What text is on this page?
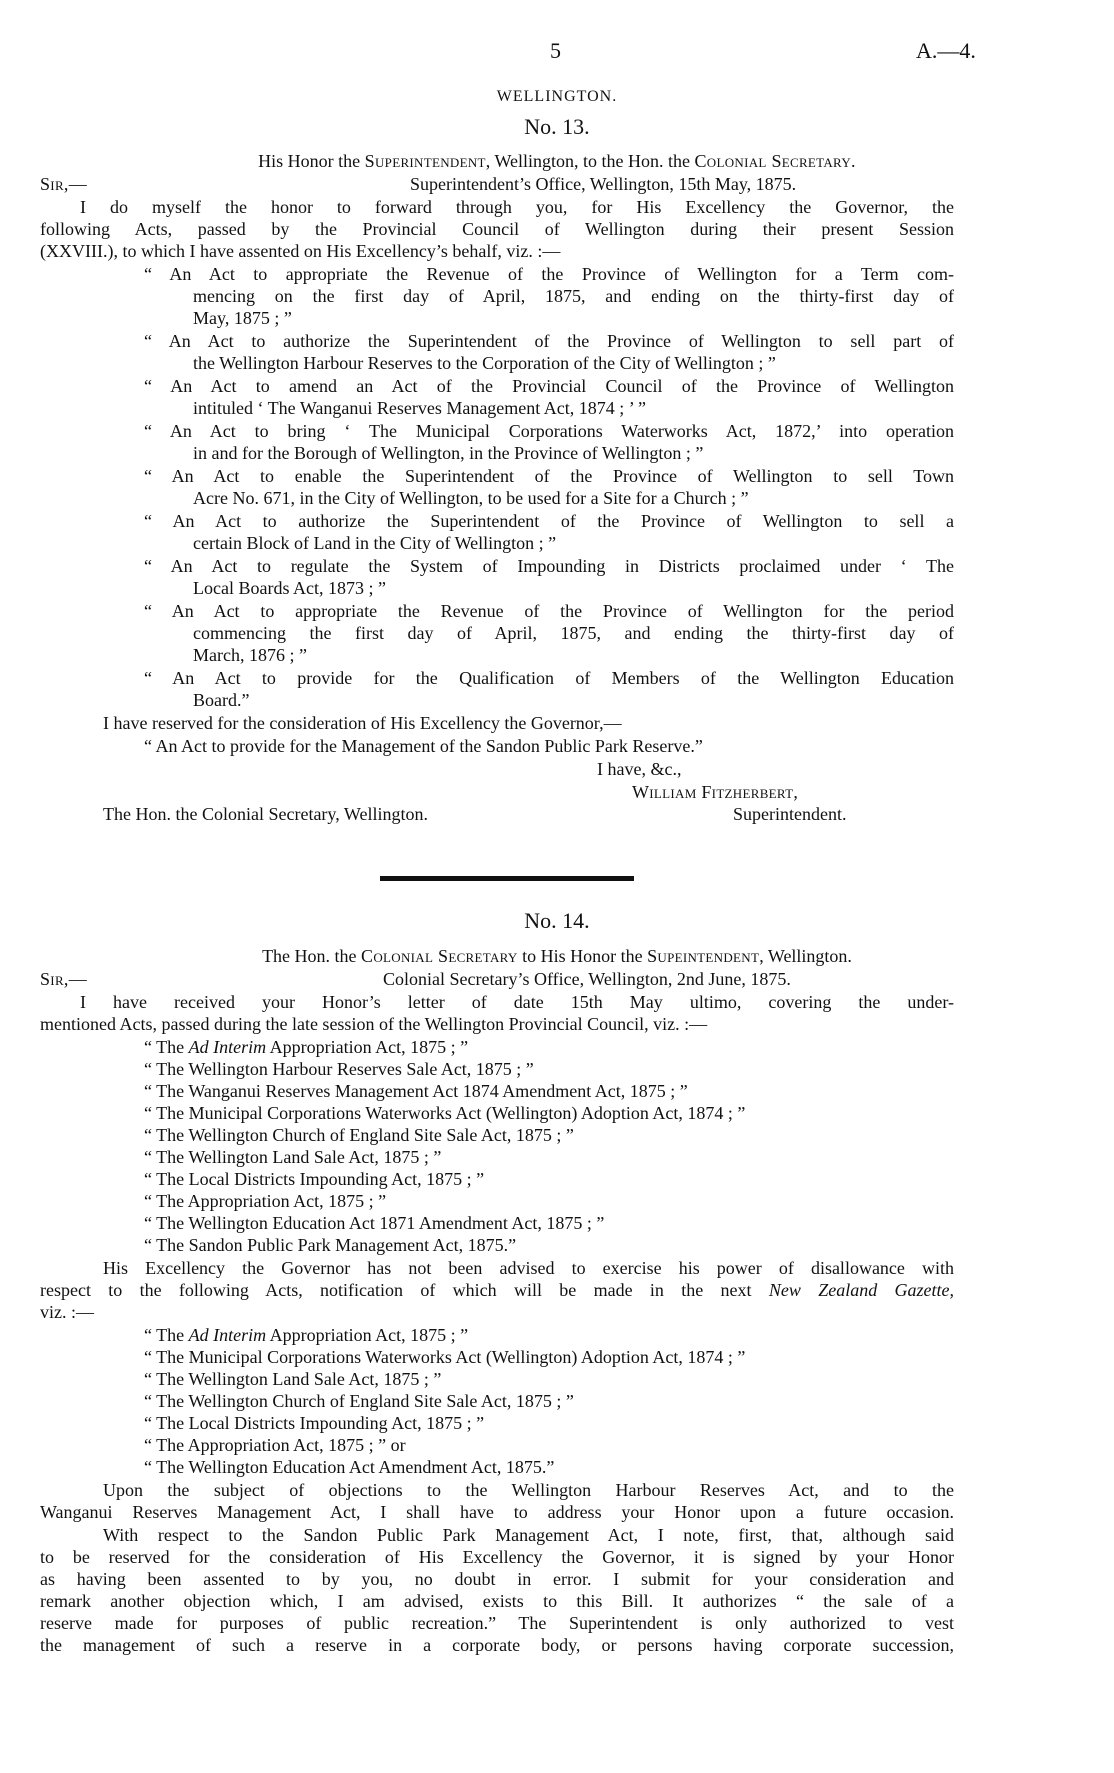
5	A.—4.
WELLINGTON.
No. 13.
His Honor the Superintendent, Wellington, to the Hon. the Colonial Secretary.
Sir,—	Superintendent’s Office, Wellington, 15th May, 1875.
I do myself the honor to forward through you, for His Excellency the Governor, the
following Acts, passed by the Provincial Council of Wellington during their present Session
(XXVIII.), to which I have assented on His Excellency’s behalf, viz. :—
“ An Act to appropriate the Revenue of the Province of Wellington for a Term com-
mencing on the first day of April, 1875, and ending on the thirty-first day of
May, 1875 ; ”
“ An Act to authorize the Superintendent of the Province of Wellington to sell part of
the Wellington Harbour Reserves to the Corporation of the City of Wellington ; ”
“ An Act to amend an Act of the Provincial Council of the Province of Wellington
intituled ‘ The Wanganui Reserves Management Act, 1874 ; ’ ”
“ An Act to bring ‘ The Municipal Corporations Waterworks Act, 1872,’ into operation
in and for the Borough of Wellington, in the Province of Wellington ; ”
“ An Act to enable the Superintendent of the Province of Wellington to sell Town
Acre No. 671, in the City of Wellington, to be used for a Site for a Church ; ”
“ An Act to authorize the Superintendent of the Province of Wellington to sell a
certain Block of Land in the City of Wellington ; ”
“ An Act to regulate the System of Impounding in Districts proclaimed under ‘ The
Local Boards Act, 1873 ; ”
“ An Act to appropriate the Revenue of the Province of Wellington for the period
commencing the first day of April, 1875, and ending the thirty-first day of
March, 1876 ; ”
“ An Act to provide for the Qualification of Members of the Wellington Education
Board.”
I have reserved for the consideration of His Excellency the Governor,—
“ An Act to provide for the Management of the Sandon Public Park Reserve.”
I have, &c.,
William Fitzherbert,
The Hon. the Colonial Secretary, Wellington.	Superintendent.
No. 14.
The Hon. the Colonial Secretary to His Honor the Supeintendent, Wellington.
Sir,—	Colonial Secretary’s Office, Wellington, 2nd June, 1875.
I have received your Honor’s letter of date 15th May ultimo, covering the under-
mentioned Acts, passed during the late session of the Wellington Provincial Council, viz. :—
“ The Ad Interim Appropriation Act, 1875 ; ”
“ The Wellington Harbour Reserves Sale Act, 1875 ; ”
“ The Wanganui Reserves Management Act 1874 Amendment Act, 1875 ; ”
“ The Municipal Corporations Waterworks Act (Wellington) Adoption Act, 1874 ; ”
“ The Wellington Church of England Site Sale Act, 1875 ; ”
“ The Wellington Land Sale Act, 1875 ; ”
“ The Local Districts Impounding Act, 1875 ; ”
“ The Appropriation Act, 1875 ; ”
“ The Wellington Education Act 1871 Amendment Act, 1875 ; ”
“ The Sandon Public Park Management Act, 1875.”
His Excellency the Governor has not been advised to exercise his power of disallowance with
respect to the following Acts, notification of which will be made in the next New Zealand Gazette,
viz. :—
“ The Ad Interim Appropriation Act, 1875 ; ”
“ The Municipal Corporations Waterworks Act (Wellington) Adoption Act, 1874 ; ”
“ The Wellington Land Sale Act, 1875 ; ”
“ The Wellington Church of England Site Sale Act, 1875 ; ”
“ The Local Districts Impounding Act, 1875 ; ”
“ The Appropriation Act, 1875 ; ” or
“ The Wellington Education Act Amendment Act, 1875.”
Upon the subject of objections to the Wellington Harbour Reserves Act, and to the
Wanganui Reserves Management Act, I shall have to address your Honor upon a future occasion.
With respect to the Sandon Public Park Management Act, I note, first, that, although said
to be reserved for the consideration of His Excellency the Governor, it is signed by your Honor
as having been assented to by you, no doubt in error. I submit for your consideration and
remark another objection which, I am advised, exists to this Bill. It authorizes “ the sale of a
reserve made for purposes of public recreation.” The Superintendent is only authorized to vest
the management of such a reserve in a corporate body, or persons having corporate succession,
